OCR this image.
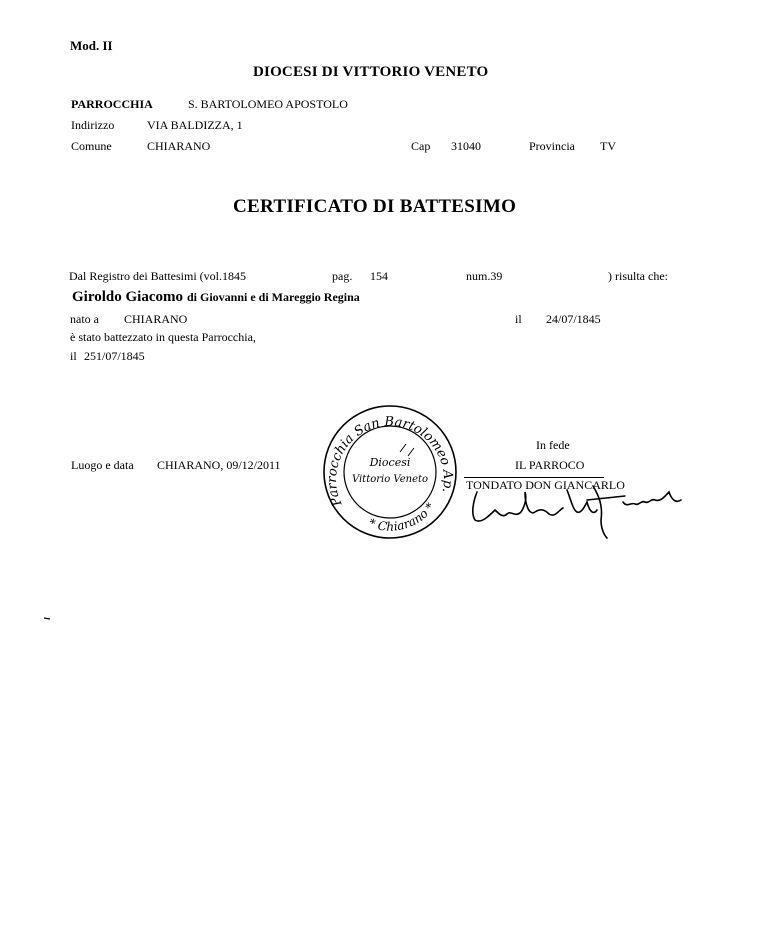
Mod. II
DIOCESI DI VITTORIO VENETO
PARROCCHIA	S. BARTOLOMEO APOSTOLO
Indirizzo	VIA BALDIZZA, 1
Comune	CHIARANO	Cap 31040	Provincia TV
CERTIFICATO DI BATTESIMO
Dal Registro dei Battesimi (vol.1845	pag. 154	num.39	) risulta che:
Giroldo Giacomo di Giovanni e di Mareggio Regina
nato a CHIARANO	il 24/07/1845
è stato battezzato in questa Parrocchia,
il 251/07/1845
Luogo e data CHIARANO, 09/12/2011
In fede
IL PARROCO
TONDATO DON GIANCARLO
Parrocchia San Bartolomeo Ap.
* Chiarano *
Diocesi
Vittorio Veneto
